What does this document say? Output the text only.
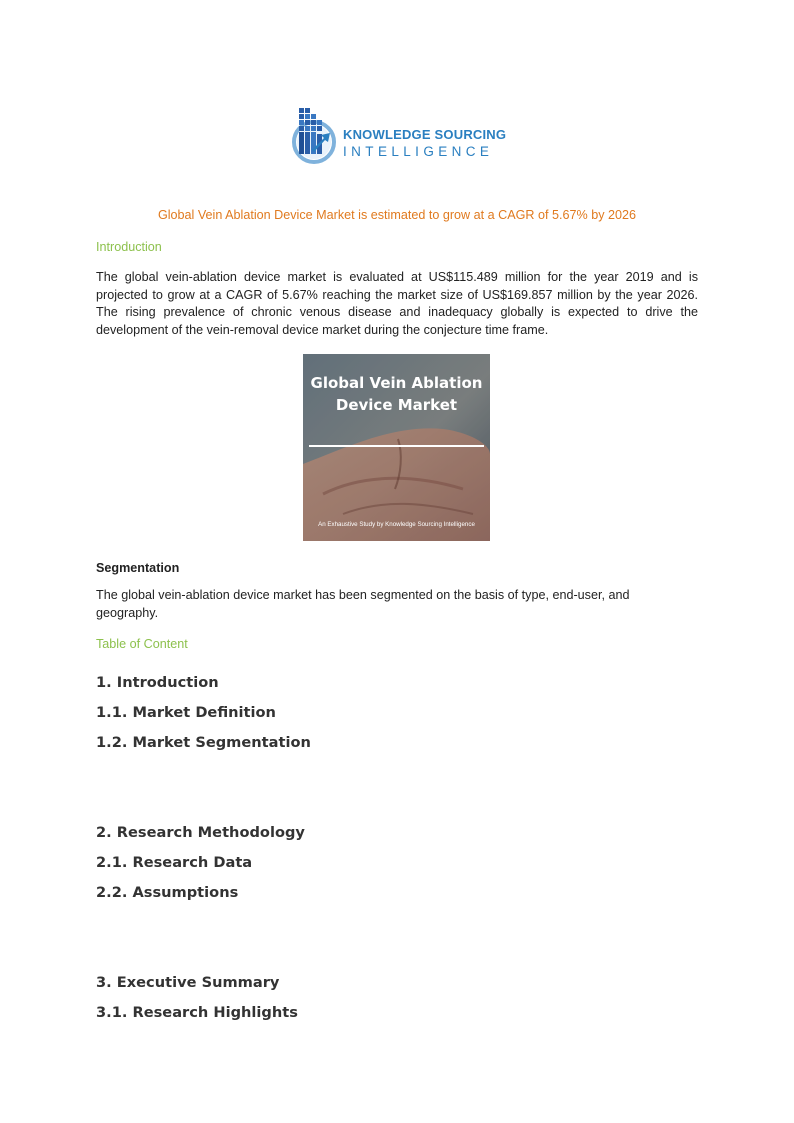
KNOWLEDGE SOURCING
INTELLIGENCE
Global Vein Ablation Device Market is estimated to grow at a CAGR of 5.67% by 2026
Introduction

The global vein-ablation device market is evaluated at US$115.489 million for the year 2019 and is projected to grow at a CAGR of 5.67% reaching the market size of US$169.857 million by the year 2026. The rising prevalence of chronic venous disease and inadequacy globally is expected to drive the development of the vein-removal device market during the conjecture time frame.

Global Vein Ablation
Device Market
An Exhaustive Study by Knowledge Sourcing Intelligence
Segmentation

The global vein-ablation device market has been segmented on the basis of type, end-user, and geography.

Table of Content
1. Introduction
1.1. Market Definition
1.2. Market Segmentation
2. Research Methodology
2.1. Research Data
2.2. Assumptions
3. Executive Summary
3.1. Research Highlights
